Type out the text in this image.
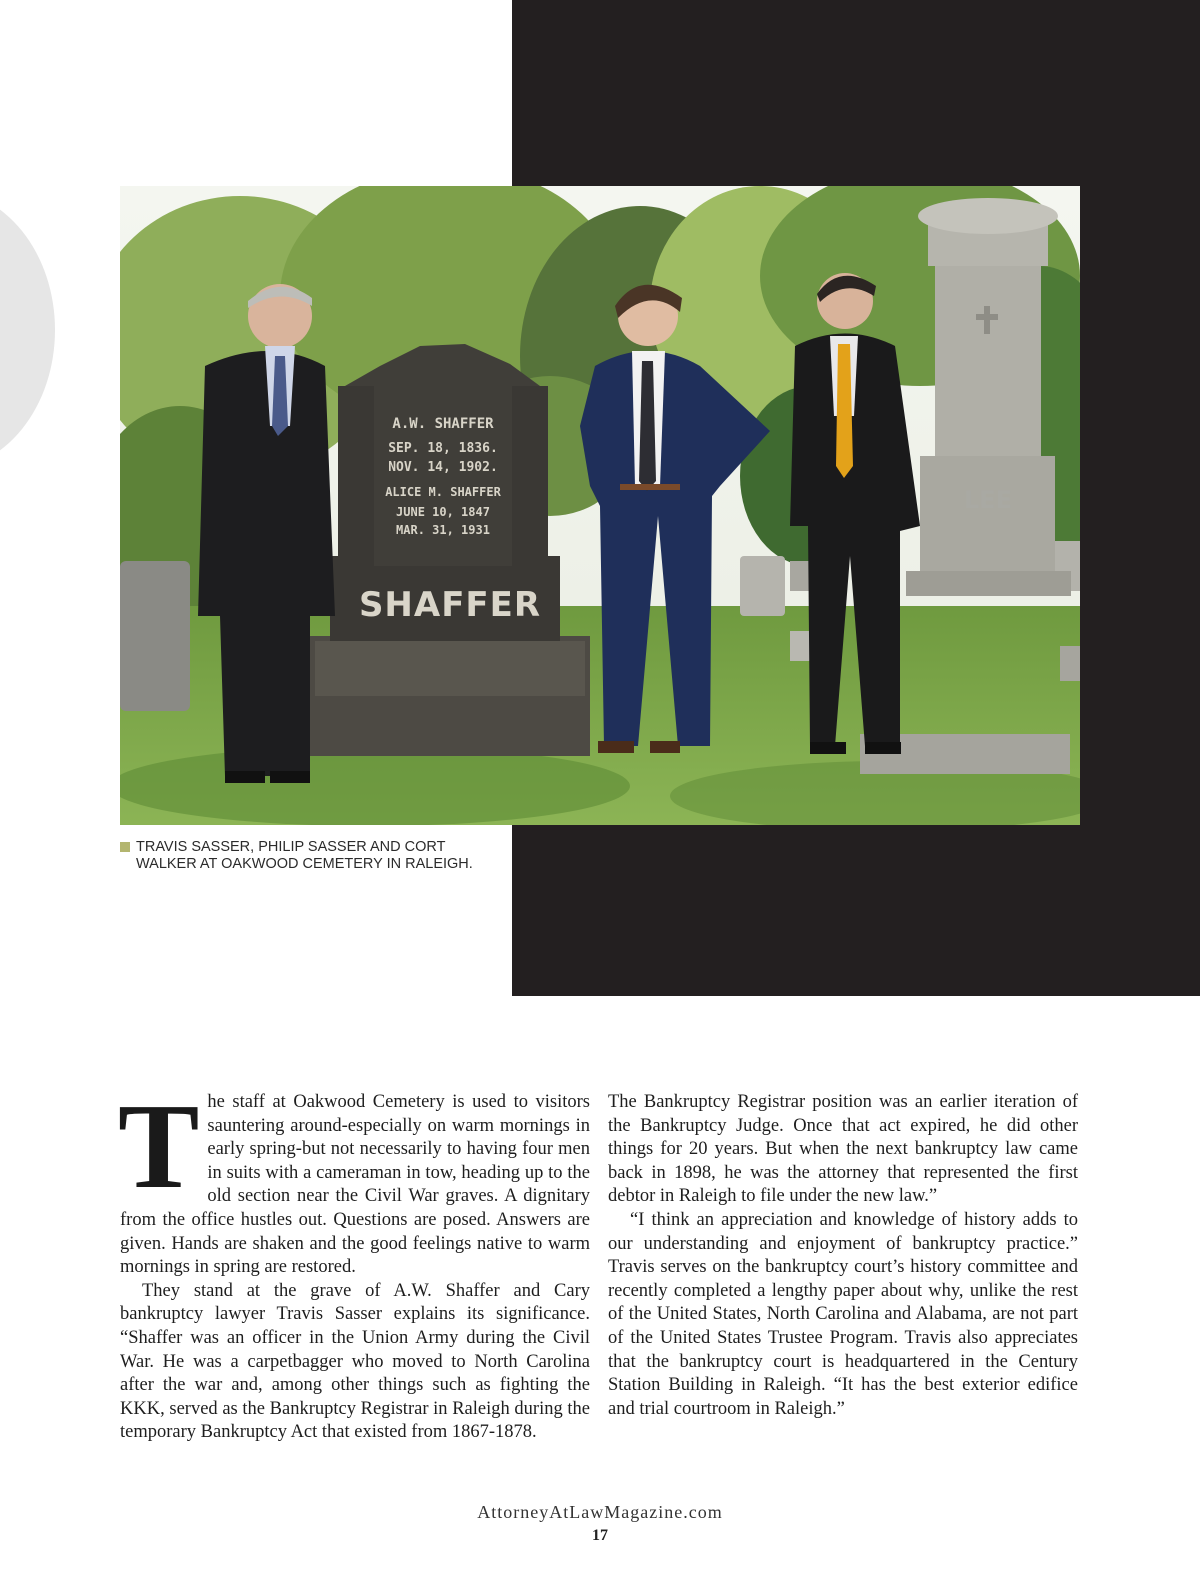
LEE
A.W. SHAFFER
SEP. 18, 1836.
NOV. 14, 1902.
ALICE M. SHAFFER
JUNE 10, 1847
MAR. 31, 1931
SHAFFER
TRAVIS SASSER, PHILIP SASSER AND CORT
WALKER AT OAKWOOD CEMETERY IN RALEIGH.

The staff at Oakwood Cemetery is used to visitors sauntering around-especially on warm mornings in early spring-but not necessarily to having four men in suits with a cameraman in tow, heading up to the old section near the Civil War graves. A dignitary from the office hustles out. Questions are posed. Answers are given. Hands are shaken and the good feelings native to warm mornings in spring are restored.

They stand at the grave of A.W. Shaffer and Cary bankruptcy lawyer Travis Sasser explains its significance. “Shaffer was an officer in the Union Army during the Civil War. He was a carpetbagger who moved to North Carolina after the war and, among other things such as fighting the KKK, served as the Bankruptcy Registrar in Raleigh during the temporary Bankruptcy Act that existed from 1867-1878.

The Bankruptcy Registrar position was an earlier iteration of the Bankruptcy Judge. Once that act expired, he did other things for 20 years. But when the next bankruptcy law came back in 1898, he was the attorney that represented the first debtor in Raleigh to file under the new law.”

“I think an appreciation and knowledge of history adds to our understanding and enjoyment of bankruptcy practice.” Travis serves on the bankruptcy court’s history committee and recently completed a lengthy paper about why, unlike the rest of the United States, North Carolina and Alabama, are not part of the United States Trustee Program. Travis also appreciates that the bankruptcy court is headquartered in the Century Station Building in Raleigh. “It has the best exterior edifice and trial courtroom in Raleigh.”

AttorneyAtLawMagazine.com
17
